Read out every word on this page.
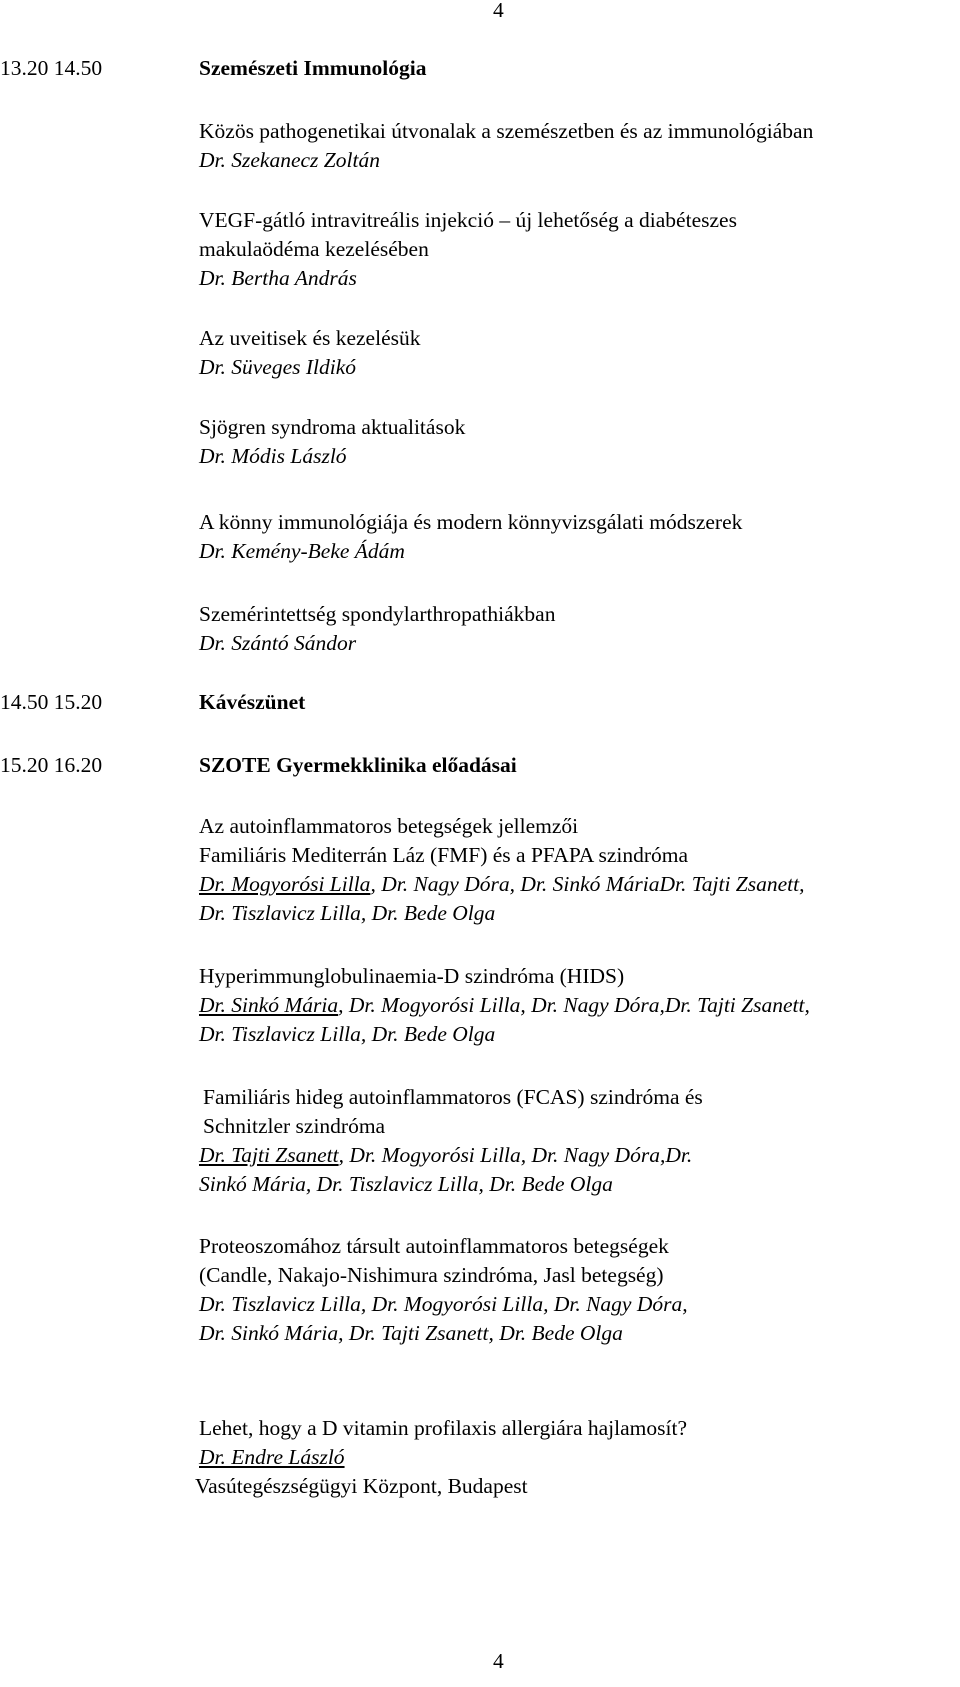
4
13.20 14.50	Szemészeti Immunológia
Közös pathogenetikai útvonalak a szemészetben és az immunológiában
Dr. Szekanecz Zoltán
VEGF-gátló intravitreális injekció – új lehetőség a diabéteszes
makulaödéma kezelésében
Dr. Bertha András
Az uveitisek és kezelésük
Dr. Süveges Ildikó
Sjögren syndroma aktualitások
Dr. Módis László
A könny immunológiája és modern könnyvizsgálati módszerek
Dr. Kemény-Beke Ádám
Szemérintettség spondylarthropathiákban
Dr. Szántó Sándor
14.50 15.20	Kávészünet
15.20 16.20	SZOTE Gyermekklinika előadásai
Az autoinflammatoros betegségek jellemzői
Familiáris Mediterrán Láz (FMF) és a PFAPA szindróma
Dr. Mogyorósi Lilla, Dr. Nagy Dóra, Dr. Sinkó MáriaDr. Tajti Zsanett,
Dr. Tiszlavicz Lilla, Dr. Bede Olga
Hyperimmunglobulinaemia-D szindróma (HIDS)
Dr. Sinkó Mária, Dr. Mogyorósi Lilla, Dr. Nagy Dóra,Dr. Tajti Zsanett,
Dr. Tiszlavicz Lilla, Dr. Bede Olga
Familiáris hideg autoinflammatoros (FCAS) szindróma és
Schnitzler szindróma
Dr. Tajti Zsanett, Dr. Mogyorósi Lilla, Dr. Nagy Dóra,Dr.
Sinkó Mária, Dr. Tiszlavicz Lilla, Dr. Bede Olga
Proteoszomához társult autoinflammatoros betegségek
(Candle, Nakajo-Nishimura szindróma, Jasl betegség)
Dr. Tiszlavicz Lilla, Dr. Mogyorósi Lilla, Dr. Nagy Dóra,
Dr. Sinkó Mária, Dr. Tajti Zsanett, Dr. Bede Olga
Lehet, hogy a D vitamin profilaxis allergiára hajlamosít?
Dr. Endre László
Vasútegészségügyi Központ, Budapest
4
